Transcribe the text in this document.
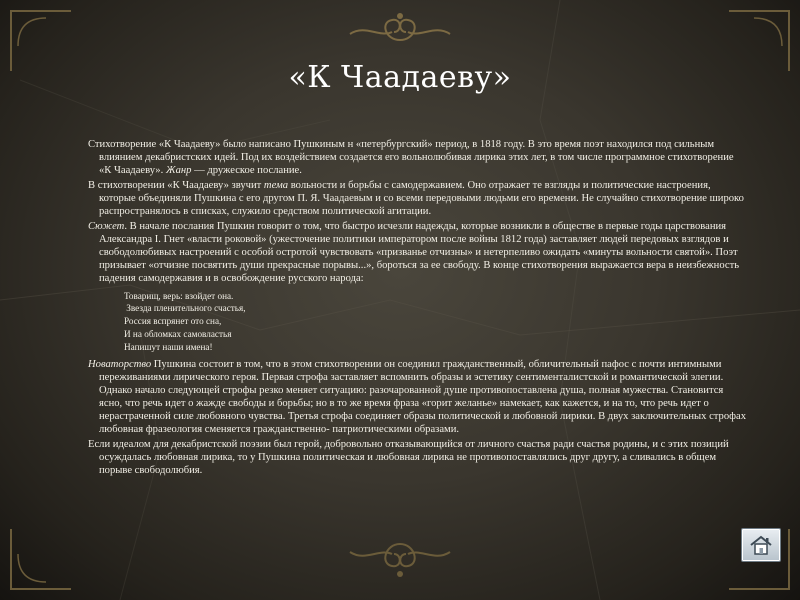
«К Чаадаеву»

Стихотворение «К Чаадаеву» было написано Пушкиным н «петербургский» период, в 1818 году. В это время поэт находился под сильным влиянием декабристских идей. Под их воздействием создается его вольнолюбивая лирика этих лет, в том числе программное стихотворение «К Чаадаеву». Жанр — дружеское послание.

В стихотворении «К Чаадаеву» звучит тема вольности и борьбы с самодержавием. Оно отражает те взгляды и политические настроения, которые объединяли Пушкина с его другом П. Я. Чаадаевым и со всеми передовыми людьми его времени. Не случайно стихотворение широко распространялось в списках, служило средством политической агитации.

Сюжет. В начале послания Пушкин говорит о том, что быстро исчезли надежды, которые возникли в обществе в первые годы царствования Александра I. Гнет «власти роковой» (ужесточение политики императором после войны 1812 года) заставляет людей передовых взглядов и свободолюбивых настроений с особой остротой чувствовать «призванье отчизны» и нетерпеливо ожидать «минуты вольности святой». Поэт призывает «отчизне посвятить души прекрасные порывы...», бороться за ее свободу. В конце стихотворения выражается вера в неизбежность падения самодержавия и в освобождение русского народа:

Товарищ, верь: взойдет она.
Звезда пленительного счастья,
Россия вспрянет ото сна,
И на обломках самовластья
Напишут наши имена!

Новаторство Пушкина состоит в том, что в этом стихотворении он соединил гражданственный, обличительный пафос с почти интимными переживаниями лирического героя. Первая строфа заставляет вспомнить образы и эстетику сентименталистской и романтической элегии. Однако начало следующей строфы резко меняет ситуацию: разочарованной душе противопоставлена душа, полная мужества. Становится ясно, что речь идет о жажде свободы и борьбы; но в то же время фраза «горит желанье» намекает, как кажется, и на то, что речь идет о нерастраченной силе любовного чувства. Третья строфа соединяет образы политической и любовной лирики. В двух заключительных строфах любовная фразеология сменяется гражданственно- патриотическими образами.

Если идеалом для декабристской поэзии был герой, добровольно отказывающийся от личного счастья ради счастья родины, и с этих позиций осуждалась любовная лирика, то у Пушкина политическая и любовная лирика не противопоставлялись друг другу, а сливались в общем порыве свободолюбия.
